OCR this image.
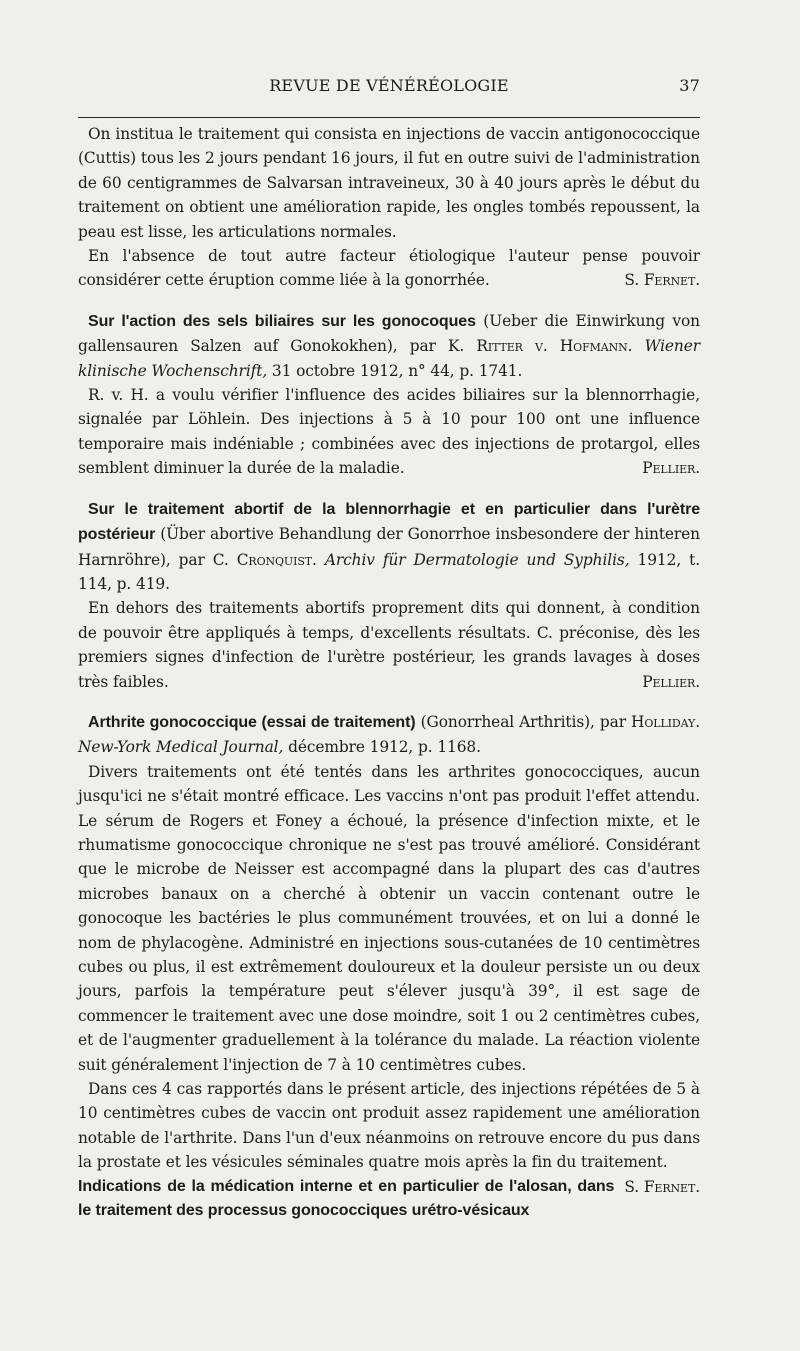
REVUE DE VÉNÉRÉOLOGIE	37

On institua le traitement qui consista en injections de vaccin antigonococcique (Cuttis) tous les 2 jours pendant 16 jours, il fut en outre suivi de l'administration de 60 centigrammes de Salvarsan intraveineux, 30 à 40 jours après le début du traitement on obtient une amélioration rapide, les ongles tombés repoussent, la peau est lisse, les articulations normales.

En l'absence de tout autre facteur étiologique l'auteur pense pouvoir considérer cette éruption comme liée à la gonorrhée.	S. Fernet.

Sur l'action des sels biliaires sur les gonocoques (Ueber die Einwirkung von gallensauren Salzen auf Gonokokhen), par K. Ritter v. Hofmann. Wiener klinische Wochenschrift, 31 octobre 1912, n° 44, p. 1741.

R. v. H. a voulu vérifier l'influence des acides biliaires sur la blennorrhagie, signalée par Löhlein. Des injections à 5 à 10 pour 100 ont une influence temporaire mais indéniable ; combinées avec des injections de protargol, elles semblent diminuer la durée de la maladie.	Pellier.

Sur le traitement abortif de la blennorrhagie et en particulier dans l'urètre postérieur (Über abortive Behandlung der Gonorrhoe insbesondere der hinteren Harnröhre), par C. Cronquist. Archiv für Dermatologie und Syphilis, 1912, t. 114, p. 419.

En dehors des traitements abortifs proprement dits qui donnent, à condition de pouvoir être appliqués à temps, d'excellents résultats. C. préconise, dès les premiers signes d'infection de l'urètre postérieur, les grands lavages à doses très faibles.	Pellier.

Arthrite gonococcique (essai de traitement) (Gonorrheal Arthritis), par Holliday. New-York Medical Journal, décembre 1912, p. 1168.

Divers traitements ont été tentés dans les arthrites gonococciques, aucun jusqu'ici ne s'était montré efficace. Les vaccins n'ont pas produit l'effet attendu. Le sérum de Rogers et Foney a échoué, la présence d'infection mixte, et le rhumatisme gonococcique chronique ne s'est pas trouvé amélioré. Considérant que le microbe de Neisser est accompagné dans la plupart des cas d'autres microbes banaux on a cherché à obtenir un vaccin contenant outre le gonocoque les bactéries le plus communément trouvées, et on lui a donné le nom de phylacogène. Administré en injections sous-cutanées de 10 centimètres cubes ou plus, il est extrêmement douloureux et la douleur persiste un ou deux jours, parfois la température peut s'élever jusqu'à 39°, il est sage de commencer le traitement avec une dose moindre, soit 1 ou 2 centimètres cubes, et de l'augmenter graduellement à la tolérance du malade. La réaction violente suit généralement l'injection de 7 à 10 centimètres cubes.

Dans ces 4 cas rapportés dans le présent article, des injections répétées de 5 à 10 centimètres cubes de vaccin ont produit assez rapidement une amélioration notable de l'arthrite. Dans l'un d'eux néanmoins on retrouve encore du pus dans la prostate et les vésicules séminales quatre mois après la fin du traitement.
S. Fernet.

Indications de la médication interne et en particulier de l'alosan, dans le traitement des processus gonococciques urétro-vésicaux
